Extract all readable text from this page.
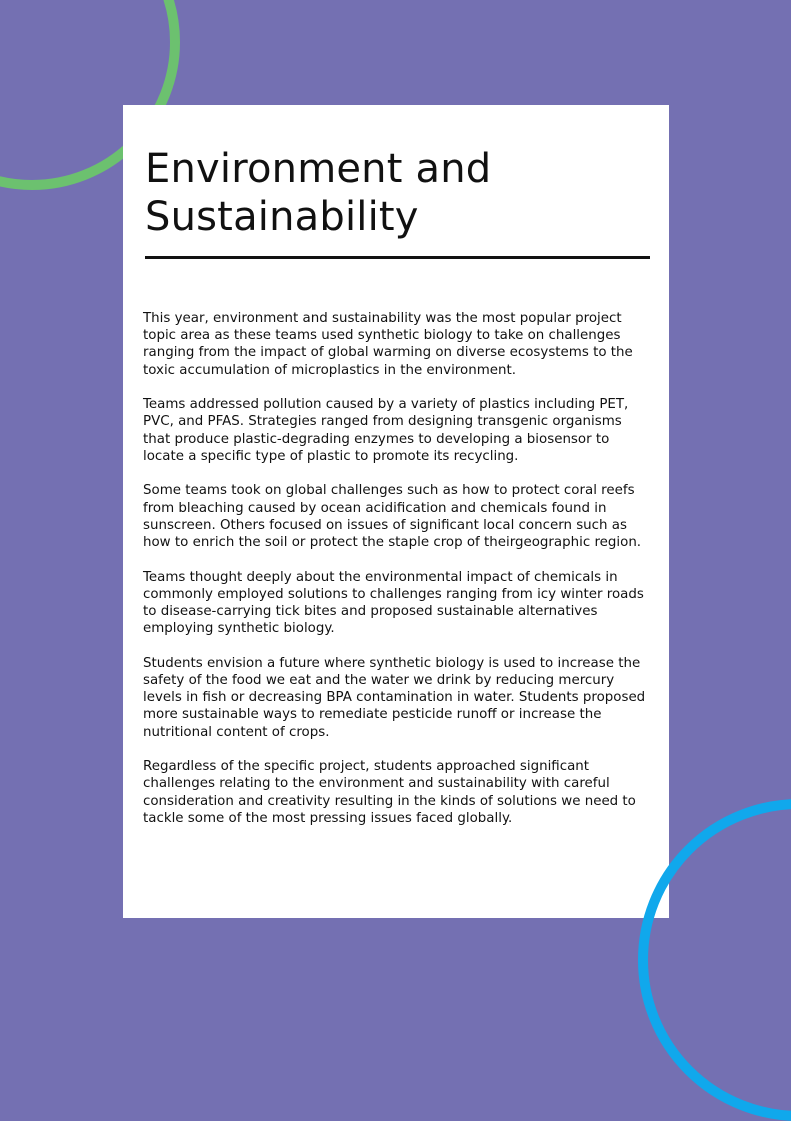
Environment and Sustainability

This year, environment and sustainability was the most popular project topic area as these teams used synthetic biology to take on challenges ranging from the impact of global warming on diverse ecosystems to the toxic accumulation of microplastics in the environment.

Teams addressed pollution caused by a variety of plastics including PET, PVC, and PFAS. Strategies ranged from designing transgenic organisms that produce plastic-degrading enzymes to developing a biosensor to locate a specific type of plastic to promote its recycling.

Some teams took on global challenges such as how to protect coral reefs from bleaching caused by ocean acidification and chemicals found in sunscreen. Others focused on issues of significant local concern such as how to enrich the soil or protect the staple crop of theirgeographic region.

Teams thought deeply about the environmental impact of chemicals in commonly employed solutions to challenges ranging from icy winter roads to disease-carrying tick bites and proposed sustainable alternatives employing synthetic biology.

Students envision a future where synthetic biology is used to increase the safety of the food we eat and the water we drink by reducing mercury levels in fish or decreasing BPA contamination in water. Students proposed more sustainable ways to remediate pesticide runoff or increase the nutritional content of crops.

Regardless of the specific project, students approached significant challenges relating to the environment and sustainability with careful consideration and creativity resulting in the kinds of solutions we need to tackle some of the most pressing issues faced globally.
